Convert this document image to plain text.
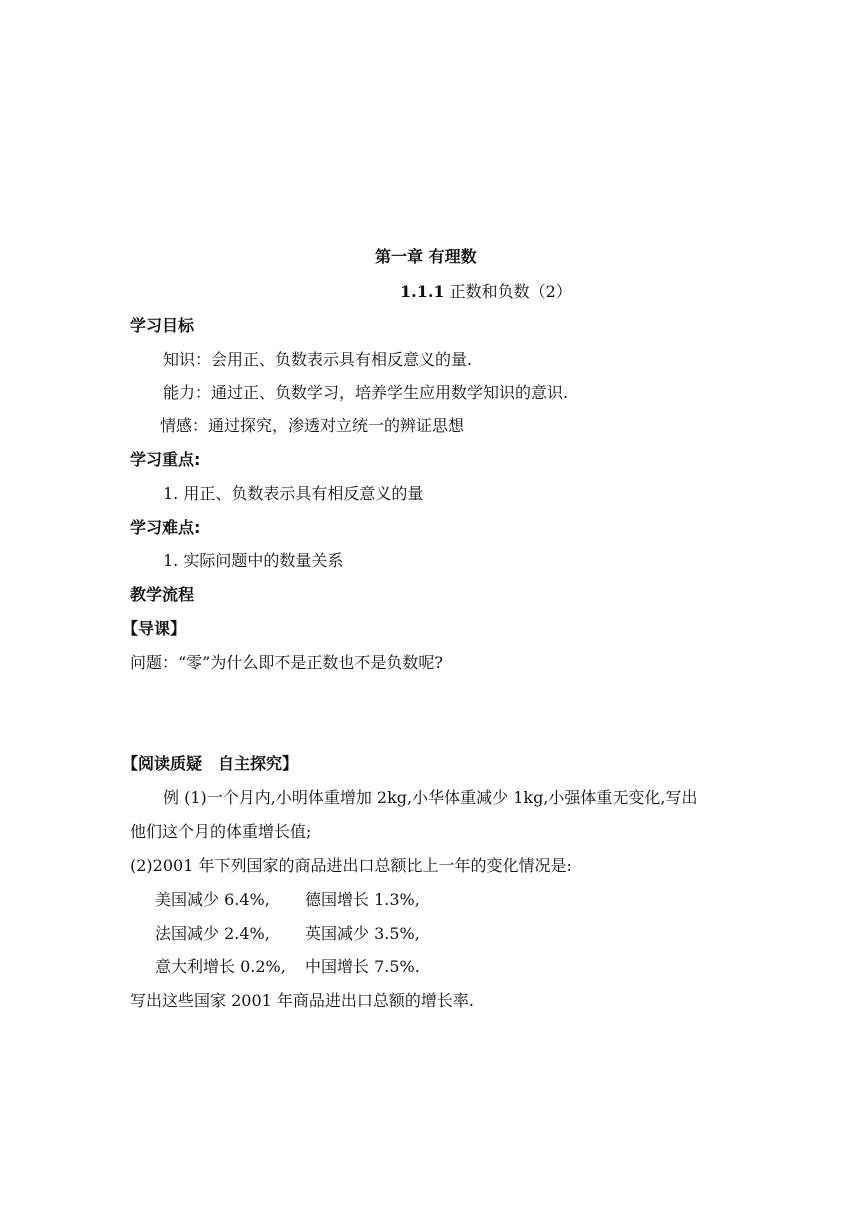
第一章 有理数
1.1.1 正数和负数（2）
学习目标
知识：会用正、负数表示具有相反意义的量.
能力：通过正、负数学习，培养学生应用数学知识的意识.
情感：通过探究，渗透对立统一的辨证思想
学习重点:
1. 用正、负数表示具有相反意义的量
学习难点:
1. 实际问题中的数量关系
教学流程
【导课】
问题：“零”为什么即不是正数也不是负数呢?
【阅读质疑　自主探究】
例 (1)一个月内,小明体重增加 2kg,小华体重减少 1kg,小强体重无变化,写出
他们这个月的体重增长值;
(2)2001 年下列国家的商品进出口总额比上一年的变化情况是:
美国减少 6.4%, 德国增长 1.3%,
法国减少 2.4%, 英国减少 3.5%,
意大利增长 0.2%, 中国增长 7.5%.
写出这些国家 2001 年商品进出口总额的增长率.
